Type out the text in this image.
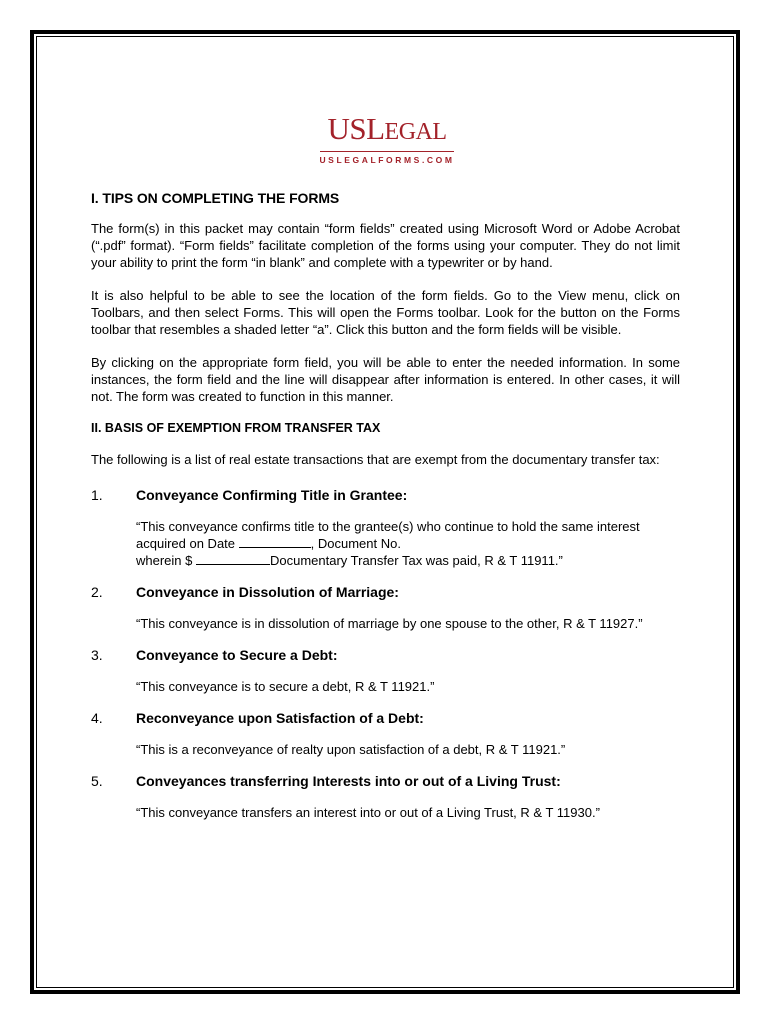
USLEGAL
USLEGALFORMS.COM
I. TIPS ON COMPLETING THE FORMS

The form(s) in this packet may contain “form fields” created using Microsoft Word or Adobe Acrobat (“.pdf” format). “Form fields” facilitate completion of the forms using your computer. They do not limit your ability to print the form “in blank” and complete with a typewriter or by hand.

It is also helpful to be able to see the location of the form fields. Go to the View menu, click on Toolbars, and then select Forms. This will open the Forms toolbar. Look for the button on the Forms toolbar that resembles a shaded letter “a”. Click this button and the form fields will be visible.

By clicking on the appropriate form field, you will be able to enter the needed information. In some instances, the form field and the line will disappear after information is entered. In other cases, it will not. The form was created to function in this manner.

II. BASIS OF EXEMPTION FROM TRANSFER TAX

The following is a list of real estate transactions that are exempt from the documentary transfer tax:

1. Conveyance Confirming Title in Grantee:
“This conveyance confirms title to the grantee(s) who continue to hold the same interest
acquired on Date	, Document No.
wherein $	Documentary Transfer Tax was paid, R & T 11911.”
2. Conveyance in Dissolution of Marriage:
“This conveyance is in dissolution of marriage by one spouse to the other, R & T 11927.”
3. Conveyance to Secure a Debt:
“This conveyance is to secure a debt, R & T 11921.”
4. Reconveyance upon Satisfaction of a Debt:
“This is a reconveyance of realty upon satisfaction of a debt, R & T 11921.”
5. Conveyances transferring Interests into or out of a Living Trust:
“This conveyance transfers an interest into or out of a Living Trust, R & T 11930.”
